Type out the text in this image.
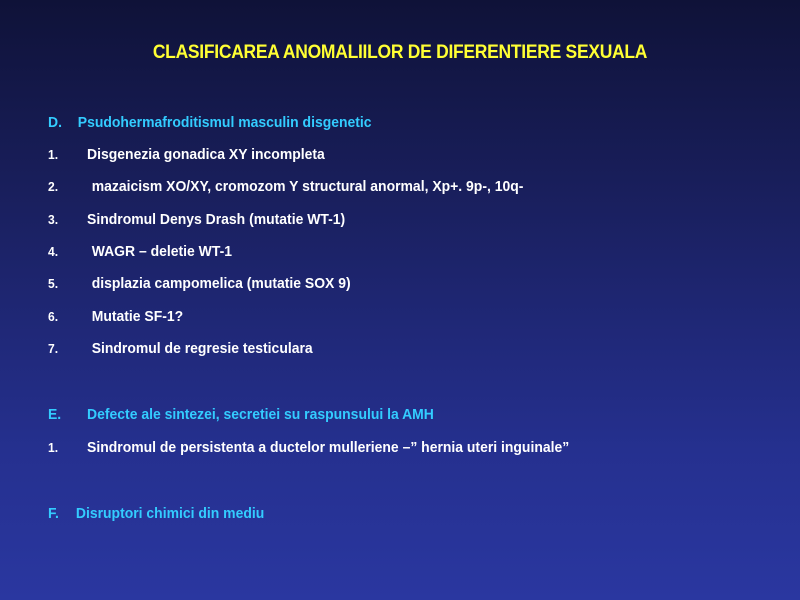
CLASIFICAREA ANOMALIILOR DE DIFERENTIERE SEXUALA
D. Psudohermafroditismul masculin disgenetic
1. Disgenezia gonadica XY incompleta
2. mazaicism XO/XY, cromozom Y structural anormal, Xp+. 9p-, 10q-
3. Sindromul Denys Drash (mutatie WT-1)
4. WAGR – deletie WT-1
5. displazia campomelica (mutatie SOX 9)
6. Mutatie SF-1?
7. Sindromul de regresie testiculara
E. Defecte ale sintezei, secretiei su raspunsului la AMH
1. Sindromul de persistenta a ductelor mulleriene –” hernia uteri inguinale”
F. Disruptori chimici din mediu
